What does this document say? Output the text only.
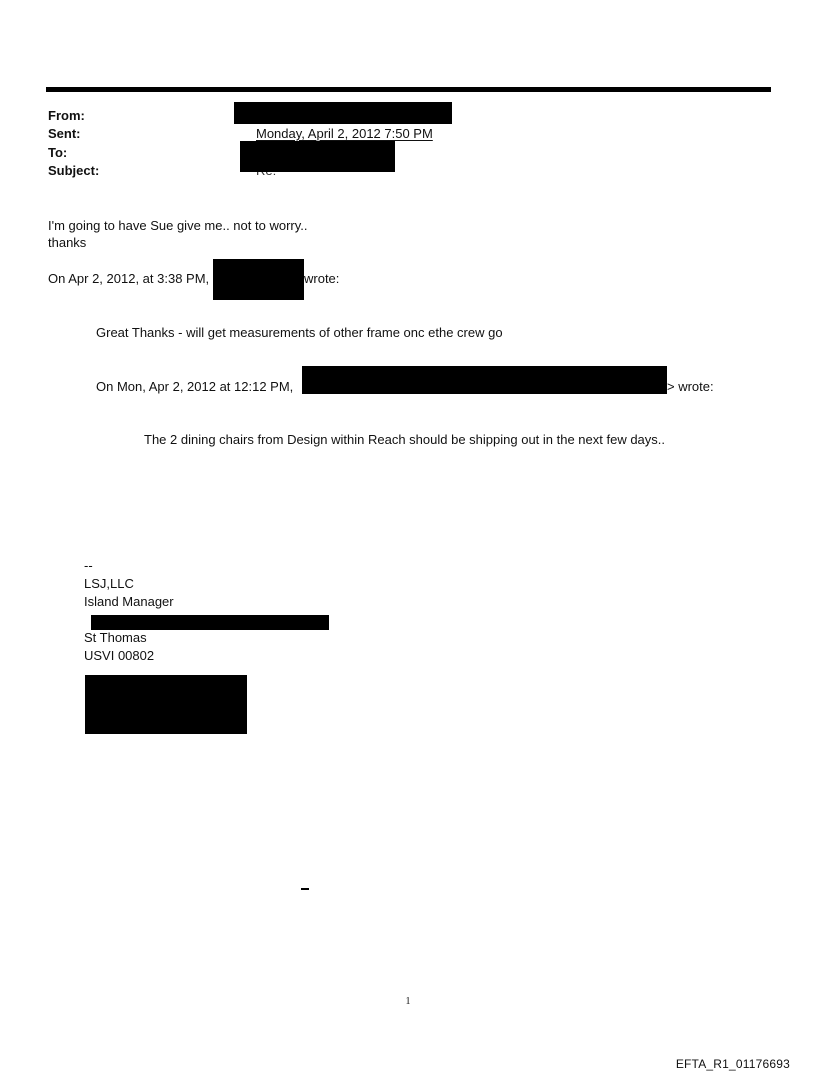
From:
Sent:	Monday, April 2, 2012 7:50 PM
To:
Subject:
I'm going to have Sue give me.. not to worry..
thanks
On Apr 2, 2012, at 3:38 PM,	wrote:
Great Thanks - will get measurements of other frame onc ethe crew go
On Mon, Apr 2, 2012 at 12:12 PM,	> wrote:
The 2 dining chairs from Design within Reach should be shipping out in the next few days..
--
LSJ,LLC
Island Manager
St Thomas
USVI 00802
1
EFTA_R1_01176693
